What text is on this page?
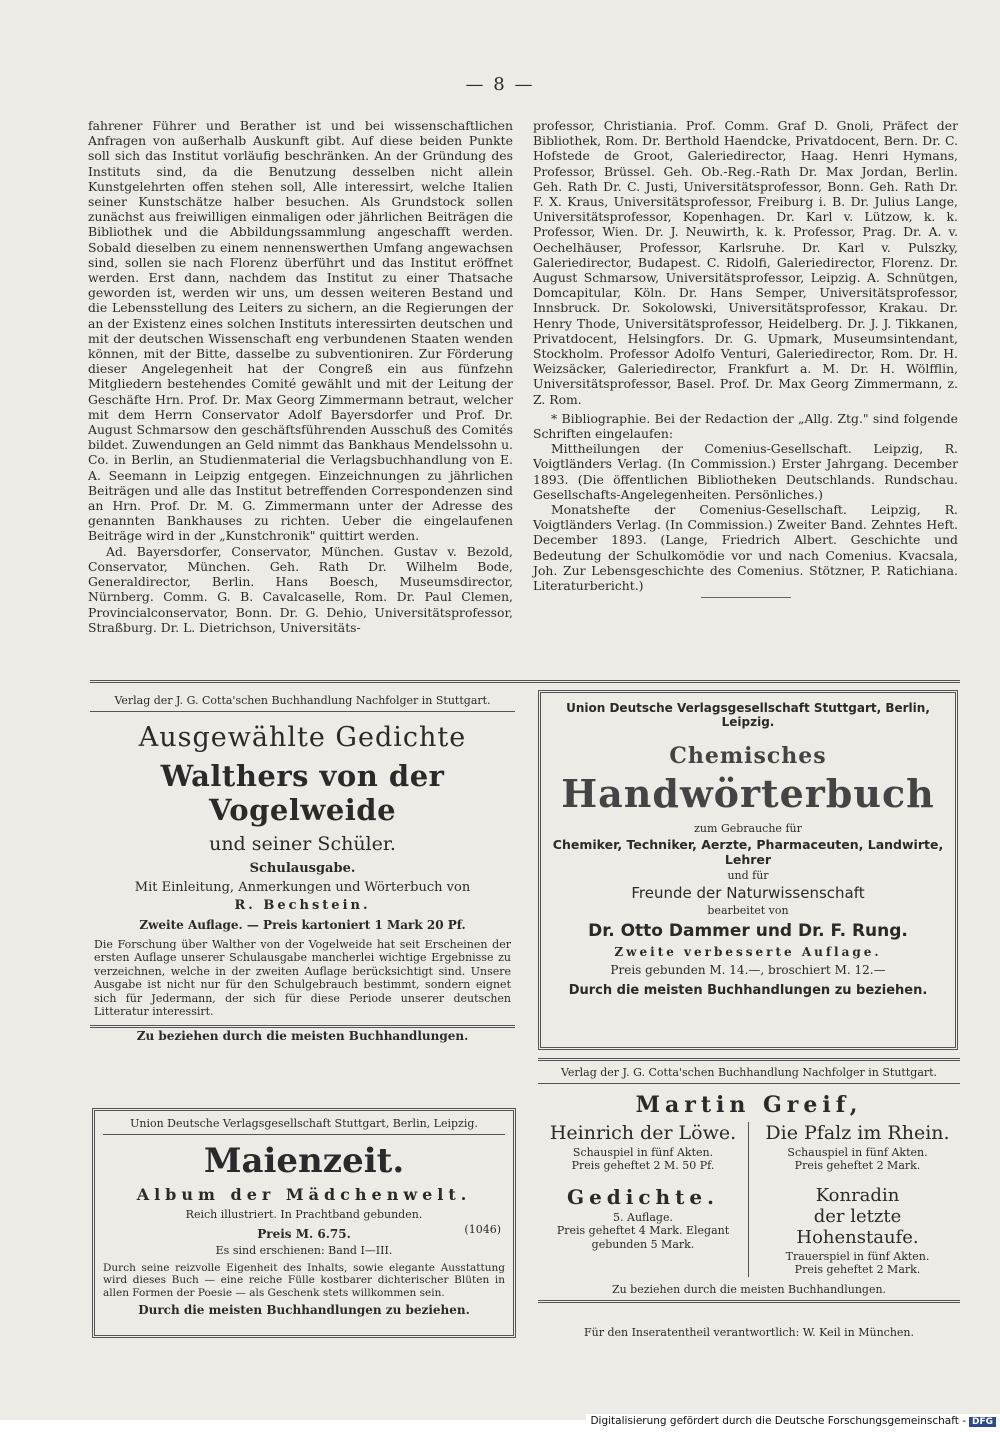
— 8 —

fahrener Führer und Berather ist und bei wissenschaftlichen Anfragen von außerhalb Auskunft gibt. Auf diese beiden Punkte soll sich das Institut vorläufig beschränken. An der Gründung des Instituts sind, da die Benutzung desselben nicht allein Kunstgelehrten offen stehen soll, Alle interessirt, welche Italien seiner Kunstschätze halber besuchen. Als Grundstock sollen zunächst aus freiwilligen einmaligen oder jährlichen Beiträgen die Bibliothek und die Abbildungssammlung angeschafft werden. Sobald dieselben zu einem nennenswerthen Umfang angewachsen sind, sollen sie nach Florenz überführt und das Institut eröffnet werden. Erst dann, nachdem das Institut zu einer Thatsache geworden ist, werden wir uns, um dessen weiteren Bestand und die Lebensstellung des Leiters zu sichern, an die Regierungen der an der Existenz eines solchen Instituts interessirten deutschen und mit der deutschen Wissenschaft eng verbundenen Staaten wenden können, mit der Bitte, dasselbe zu subventioniren. Zur Förderung dieser Angelegenheit hat der Congreß ein aus fünfzehn Mitgliedern bestehendes Comité gewählt und mit der Leitung der Geschäfte Hrn. Prof. Dr. Max Georg Zimmermann betraut, welcher mit dem Herrn Conservator Adolf Bayersdorfer und Prof. Dr. August Schmarsow den geschäftsführenden Ausschuß des Comités bildet. Zuwendungen an Geld nimmt das Bankhaus Mendelssohn u. Co. in Berlin, an Studienmaterial die Verlagsbuchhandlung von E. A. Seemann in Leipzig entgegen. Einzeichnungen zu jährlichen Beiträgen und alle das Institut betreffenden Correspondenzen sind an Hrn. Prof. Dr. M. G. Zimmermann unter der Adresse des genannten Bankhauses zu richten. Ueber die eingelaufenen Beiträge wird in der „Kunstchronik" quittirt werden.

Ad. Bayersdorfer, Conservator, München. Gustav v. Bezold, Conservator, München. Geh. Rath Dr. Wilhelm Bode, Generaldirector, Berlin. Hans Boesch, Museumsdirector, Nürnberg. Comm. G. B. Cavalcaselle, Rom. Dr. Paul Clemen, Provincialconservator, Bonn. Dr. G. Dehio, Universitätsprofessor, Straßburg. Dr. L. Dietrichson, Universitäts-

professor, Christiania. Prof. Comm. Graf D. Gnoli, Präfect der Bibliothek, Rom. Dr. Berthold Haendcke, Privatdocent, Bern. Dr. C. Hofstede de Groot, Galeriedirector, Haag. Henri Hymans, Professor, Brüssel. Geh. Ob.-Reg.-Rath Dr. Max Jordan, Berlin. Geh. Rath Dr. C. Justi, Universitätsprofessor, Bonn. Geh. Rath Dr. F. X. Kraus, Universitätsprofessor, Freiburg i. B. Dr. Julius Lange, Universitätsprofessor, Kopenhagen. Dr. Karl v. Lützow, k. k. Professor, Wien. Dr. J. Neuwirth, k. k. Professor, Prag. Dr. A. v. Oechelhäuser, Professor, Karlsruhe. Dr. Karl v. Pulszky, Galeriedirector, Budapest. C. Ridolfi, Galeriedirector, Florenz. Dr. August Schmarsow, Universitätsprofessor, Leipzig. A. Schnütgen, Domcapitular, Köln. Dr. Hans Semper, Universitätsprofessor, Innsbruck. Dr. Sokolowski, Universitätsprofessor, Krakau. Dr. Henry Thode, Universitätsprofessor, Heidelberg. Dr. J. J. Tikkanen, Privatdocent, Helsingfors. Dr. G. Upmark, Museumsintendant, Stockholm. Professor Adolfo Venturi, Galeriedirector, Rom. Dr. H. Weizsäcker, Galeriedirector, Frankfurt a. M. Dr. H. Wölfflin, Universitätsprofessor, Basel. Prof. Dr. Max Georg Zimmermann, z. Z. Rom.

* Bibliographie. Bei der Redaction der „Allg. Ztg." sind folgende Schriften eingelaufen:

Mittheilungen der Comenius-Gesellschaft. Leipzig, R. Voigtländers Verlag. (In Commission.) Erster Jahrgang. December 1893. (Die öffentlichen Bibliotheken Deutschlands. Rundschau. Gesellschafts-Angelegenheiten. Persönliches.)

Monatshefte der Comenius-Gesellschaft. Leipzig, R. Voigtländers Verlag. (In Commission.) Zweiter Band. Zehntes Heft. December 1893. (Lange, Friedrich Albert. Geschichte und Bedeutung der Schulkomödie vor und nach Comenius. Kvacsala, Joh. Zur Lebensgeschichte des Comenius. Stötzner, P. Ratichiana. Literaturbericht.)

Verlag der J. G. Cotta'schen Buchhandlung Nachfolger in Stuttgart.
Ausgewählte Gedichte
Walthers von der Vogelweide
und seiner Schüler.
Schulausgabe.
Mit Einleitung, Anmerkungen und Wörterbuch von
R. Bechstein.
Zweite Auflage. — Preis kartoniert 1 Mark 20 Pf.
Die Forschung über Walther von der Vogelweide hat seit Erscheinen der ersten Auflage unserer Schulausgabe mancherlei wichtige Ergebnisse zu verzeichnen, welche in der zweiten Auflage berücksichtigt sind. Unsere Ausgabe ist nicht nur für den Schulgebrauch bestimmt, sondern eignet sich für Jedermann, der sich für diese Periode unserer deutschen Litteratur interessirt.
Zu beziehen durch die meisten Buchhandlungen.
Union Deutsche Verlagsgesellschaft Stuttgart, Berlin, Leipzig.
Maienzeit.
Album der Mädchenwelt.
Reich illustriert. In Prachtband gebunden.
Preis M. 6.75.	(1046)
Es sind erschienen: Band I—III.
Durch seine reizvolle Eigenheit des Inhalts, sowie elegante Ausstattung wird dieses Buch — eine reiche Fülle kostbarer dichterischer Blüten in allen Formen der Poesie — als Geschenk stets willkommen sein.
Durch die meisten Buchhandlungen zu beziehen.
Union Deutsche Verlagsgesellschaft Stuttgart, Berlin, Leipzig.
Chemisches
Handwörterbuch
zum Gebrauche für
Chemiker, Techniker, Aerzte, Pharmaceuten, Landwirte, Lehrer
und für
Freunde der Naturwissenschaft
bearbeitet von
Dr. Otto Dammer und Dr. F. Rung.
Zweite verbesserte Auflage.
Preis gebunden M. 14.—, broschiert M. 12.—
Durch die meisten Buchhandlungen zu beziehen.
Verlag der J. G. Cotta'schen Buchhandlung Nachfolger in Stuttgart.
Martin Greif,
Heinrich der Löwe.
Schauspiel in fünf Akten.
Preis geheftet 2 M. 50 Pf.
Gedichte.
5. Auflage.
Preis geheftet 4 Mark. Elegant
gebunden 5 Mark.
Die Pfalz im Rhein.
Schauspiel in fünf Akten.
Preis geheftet 2 Mark.
Konradin
der letzte Hohenstaufe.
Trauerspiel in fünf Akten.
Preis geheftet 2 Mark.
Zu beziehen durch die meisten Buchhandlungen.
Für den Inseratentheil verantwortlich: W. Keil in München.
Digitalisierung gefördert durch die Deutsche Forschungsgemeinschaft - DFG
